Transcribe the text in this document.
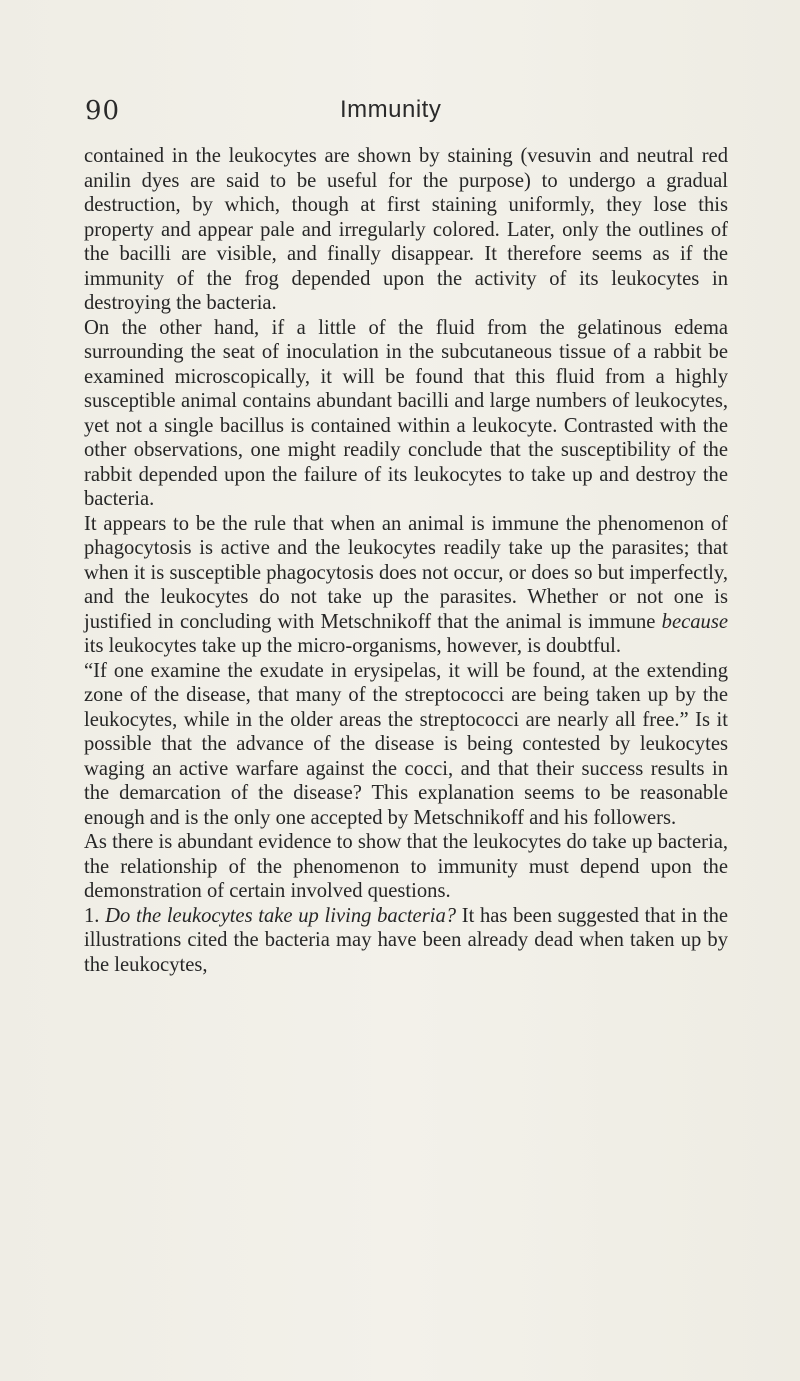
90	Immunity

contained in the leukocytes are shown by staining (vesuvin and neutral red anilin dyes are said to be useful for the purpose) to undergo a gradual destruction, by which, though at first staining uniformly, they lose this property and appear pale and irregularly colored. Later, only the outlines of the bacilli are visible, and finally disappear. It therefore seems as if the immunity of the frog depended upon the activity of its leukocytes in destroying the bacteria.

On the other hand, if a little of the fluid from the gelatinous edema surrounding the seat of inoculation in the subcutaneous tissue of a rabbit be examined microscopically, it will be found that this fluid from a highly susceptible animal contains abundant bacilli and large numbers of leukocytes, yet not a single bacillus is contained within a leukocyte. Contrasted with the other observations, one might readily conclude that the susceptibility of the rabbit depended upon the failure of its leukocytes to take up and destroy the bacteria.

It appears to be the rule that when an animal is immune the phenomenon of phagocytosis is active and the leukocytes readily take up the parasites; that when it is susceptible phagocytosis does not occur, or does so but imperfectly, and the leukocytes do not take up the parasites. Whether or not one is justified in concluding with Metschnikoff that the animal is immune because its leukocytes take up the micro-organisms, however, is doubtful.

“If one examine the exudate in erysipelas, it will be found, at the extending zone of the disease, that many of the streptococci are being taken up by the leukocytes, while in the older areas the streptococci are nearly all free.” Is it possible that the advance of the disease is being contested by leukocytes waging an active warfare against the cocci, and that their success results in the demarcation of the disease? This explanation seems to be reasonable enough and is the only one accepted by Metschnikoff and his followers.

As there is abundant evidence to show that the leukocytes do take up bacteria, the relationship of the phenomenon to immunity must depend upon the demonstration of certain involved questions.

1. Do the leukocytes take up living bacteria? It has been suggested that in the illustrations cited the bacteria may have been already dead when taken up by the leukocytes,
